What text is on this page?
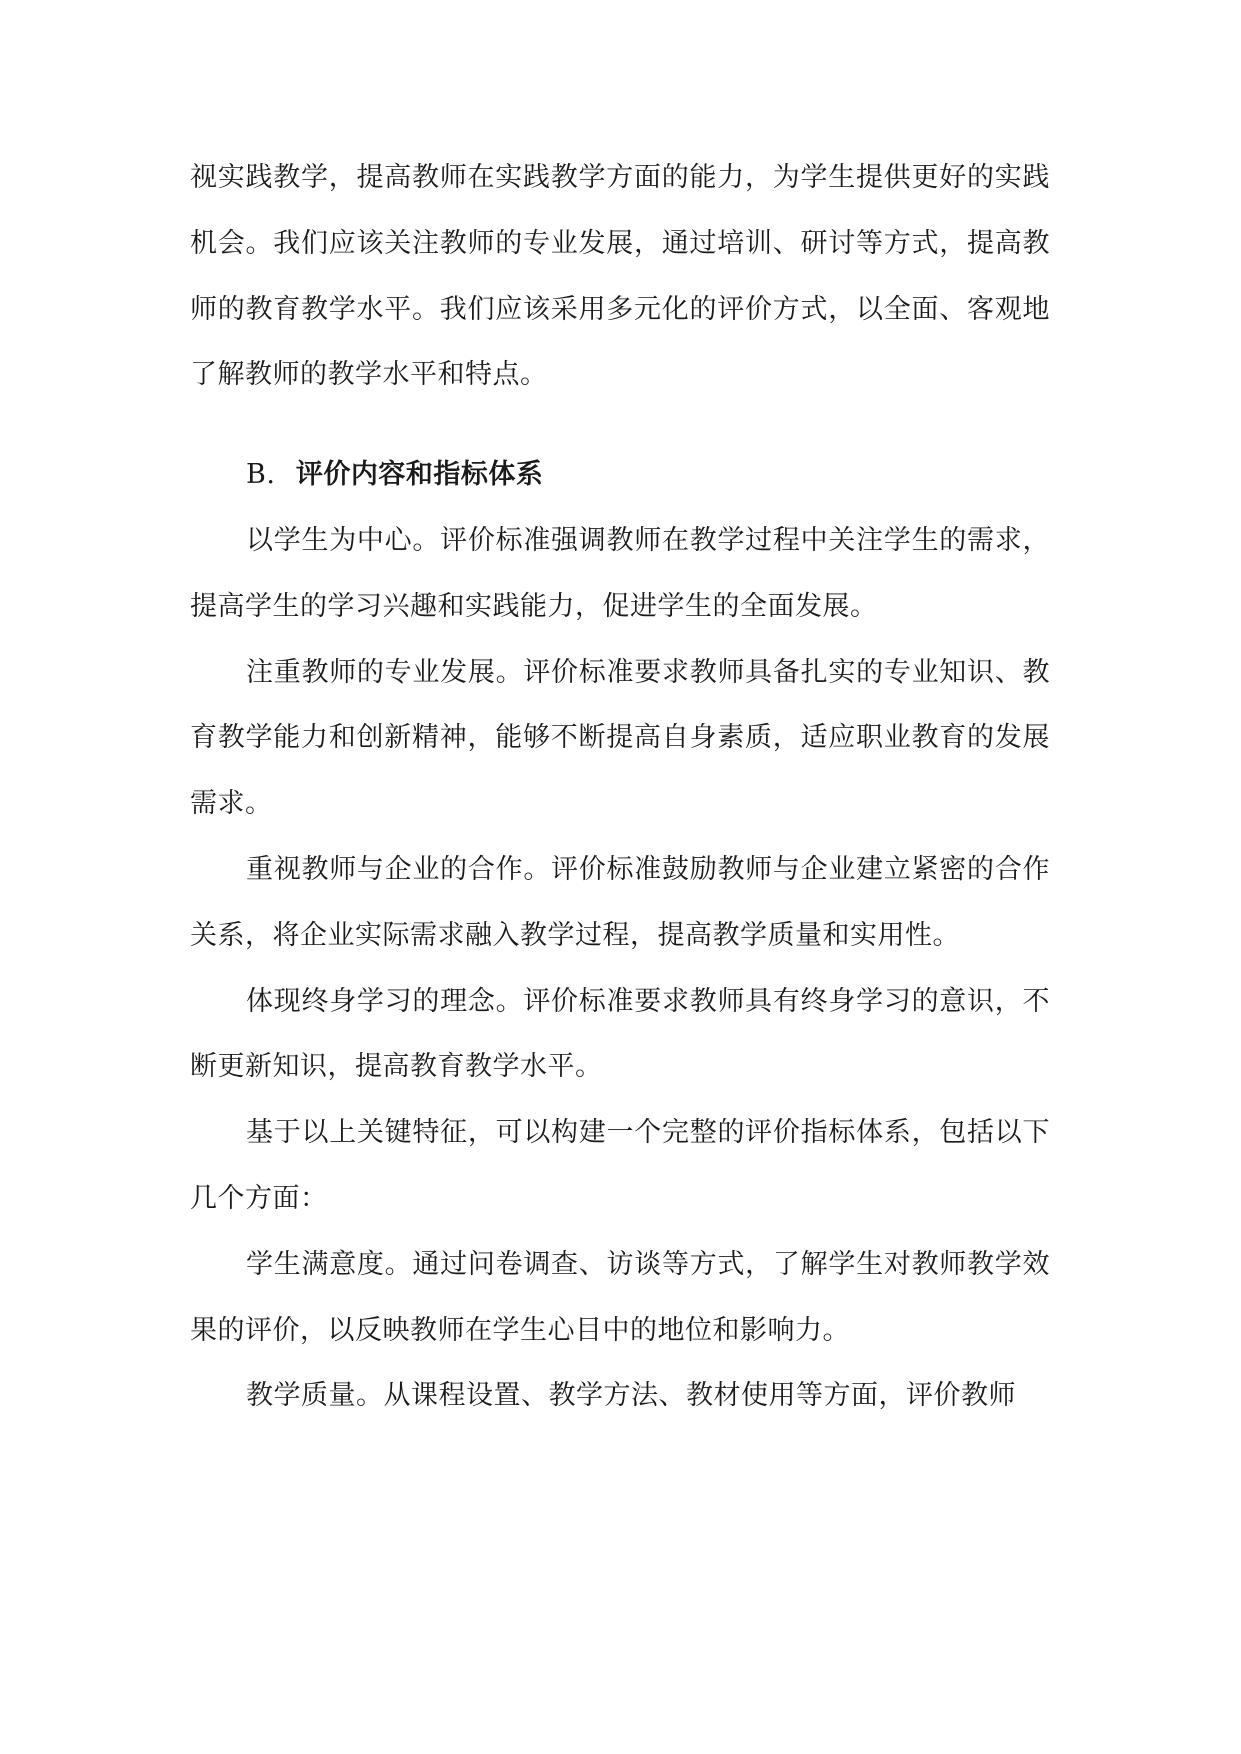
视实践教学，提高教师在实践教学方面的能力，为学生提供更好的实践机会。我们应该关注教师的专业发展，通过培训、研讨等方式，提高教师的教育教学水平。我们应该采用多元化的评价方式，以全面、客观地了解教师的教学水平和特点。

B. 评价内容和指标体系

以学生为中心。评价标准强调教师在教学过程中关注学生的需求，提高学生的学习兴趣和实践能力，促进学生的全面发展。

注重教师的专业发展。评价标准要求教师具备扎实的专业知识、教育教学能力和创新精神，能够不断提高自身素质，适应职业教育的发展需求。

重视教师与企业的合作。评价标准鼓励教师与企业建立紧密的合作关系，将企业实际需求融入教学过程，提高教学质量和实用性。

体现终身学习的理念。评价标准要求教师具有终身学习的意识，不断更新知识，提高教育教学水平。

基于以上关键特征，可以构建一个完整的评价指标体系，包括以下几个方面：

学生满意度。通过问卷调查、访谈等方式，了解学生对教师教学效果的评价，以反映教师在学生心目中的地位和影响力。

教学质量。从课程设置、教学方法、教材使用等方面，评价教师
